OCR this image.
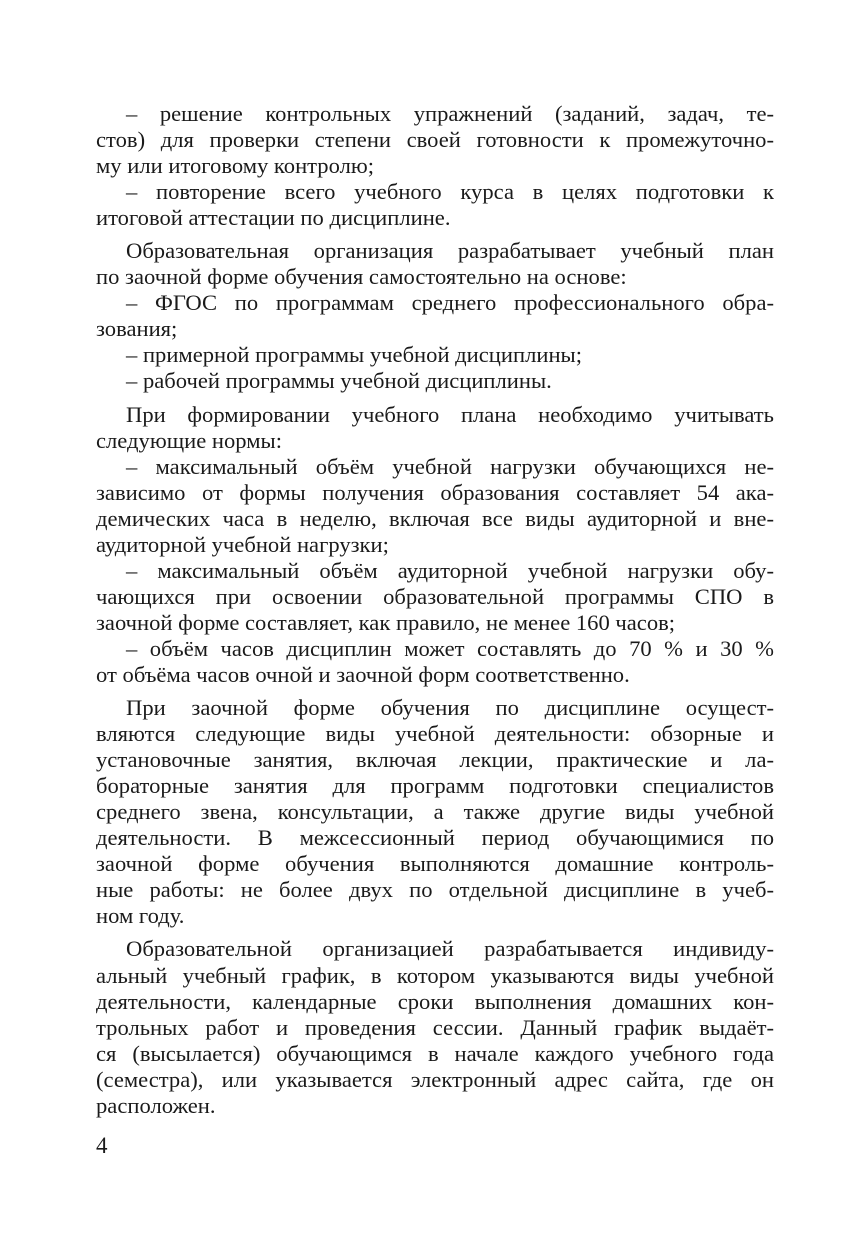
– решение контрольных упражнений (заданий, задач, те-
стов) для проверки степени своей готовности к промежуточно-
му или итоговому контролю;
– повторение всего учебного курса в целях подготовки к
итоговой аттестации по дисциплине.
Образовательная организация разрабатывает учебный план
по заочной форме обучения самостоятельно на основе:
– ФГОС по программам среднего профессионального обра-
зования;
– примерной программы учебной дисциплины;
– рабочей программы учебной дисциплины.
При формировании учебного плана необходимо учитывать
следующие нормы:
– максимальный объём учебной нагрузки обучающихся не-
зависимо от формы получения образования составляет 54 ака-
демических часа в неделю, включая все виды аудиторной и вне-
аудиторной учебной нагрузки;
– максимальный объём аудиторной учебной нагрузки обу-
чающихся при освоении образовательной программы СПО в
заочной форме составляет, как правило, не менее 160 часов;
– объём часов дисциплин может составлять до 70 % и 30 %
от объёма часов очной и заочной форм соответственно.
При заочной форме обучения по дисциплине осущест-
вляются следующие виды учебной деятельности: обзорные и
установочные занятия, включая лекции, практические и ла-
бораторные занятия для программ подготовки специалистов
среднего звена, консультации, а также другие виды учебной
деятельности. В межсессионный период обучающимися по
заочной форме обучения выполняются домашние контроль-
ные работы: не более двух по отдельной дисциплине в учеб-
ном году.
Образовательной организацией разрабатывается индивиду-
альный учебный график, в котором указываются виды учебной
деятельности, календарные сроки выполнения домашних кон-
трольных работ и проведения сессии. Данный график выдаёт-
ся (высылается) обучающимся в начале каждого учебного года
(семестра), или указывается электронный адрес сайта, где он
расположен.
4
